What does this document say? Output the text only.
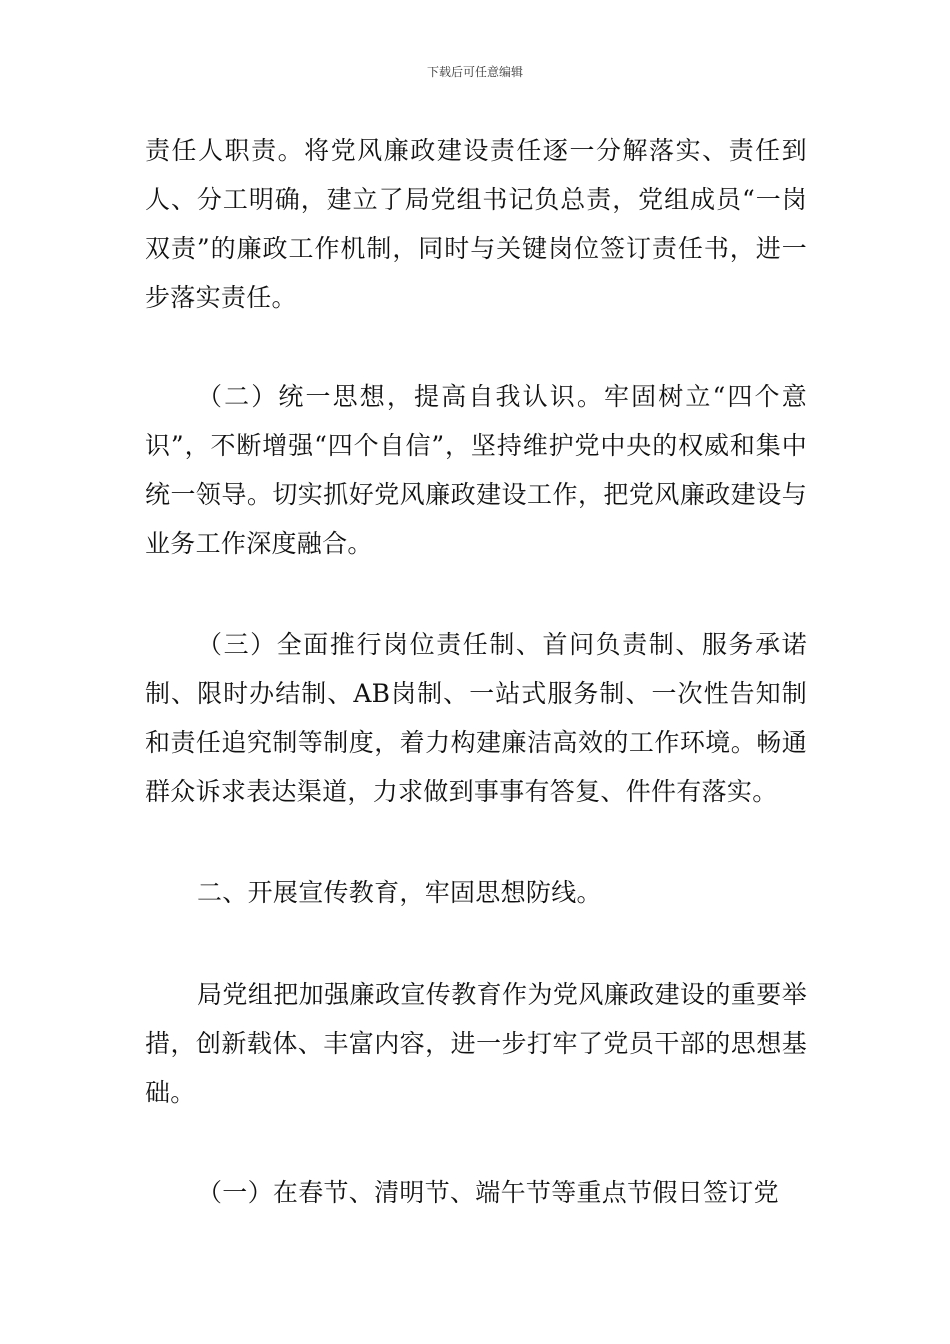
下载后可任意编辑

责任人职责。将党风廉政建设责任逐一分解落实、责任到人、分工明确，建立了局党组书记负总责，党组成员“一岗双责”的廉政工作机制，同时与关键岗位签订责任书，进一步落实责任。

（二）统一思想，提高自我认识。牢固树立“四个意识”，不断增强“四个自信”，坚持维护党中央的权威和集中统一领导。切实抓好党风廉政建设工作，把党风廉政建设与业务工作深度融合。

（三）全面推行岗位责任制、首问负责制、服务承诺制、限时办结制、AB岗制、一站式服务制、一次性告知制和责任追究制等制度，着力构建廉洁高效的工作环境。畅通群众诉求表达渠道，力求做到事事有答复、件件有落实。

二、开展宣传教育，牢固思想防线。

局党组把加强廉政宣传教育作为党风廉政建设的重要举措，创新载体、丰富内容，进一步打牢了党员干部的思想基础。

（一）在春节、清明节、端午节等重点节假日签订党
